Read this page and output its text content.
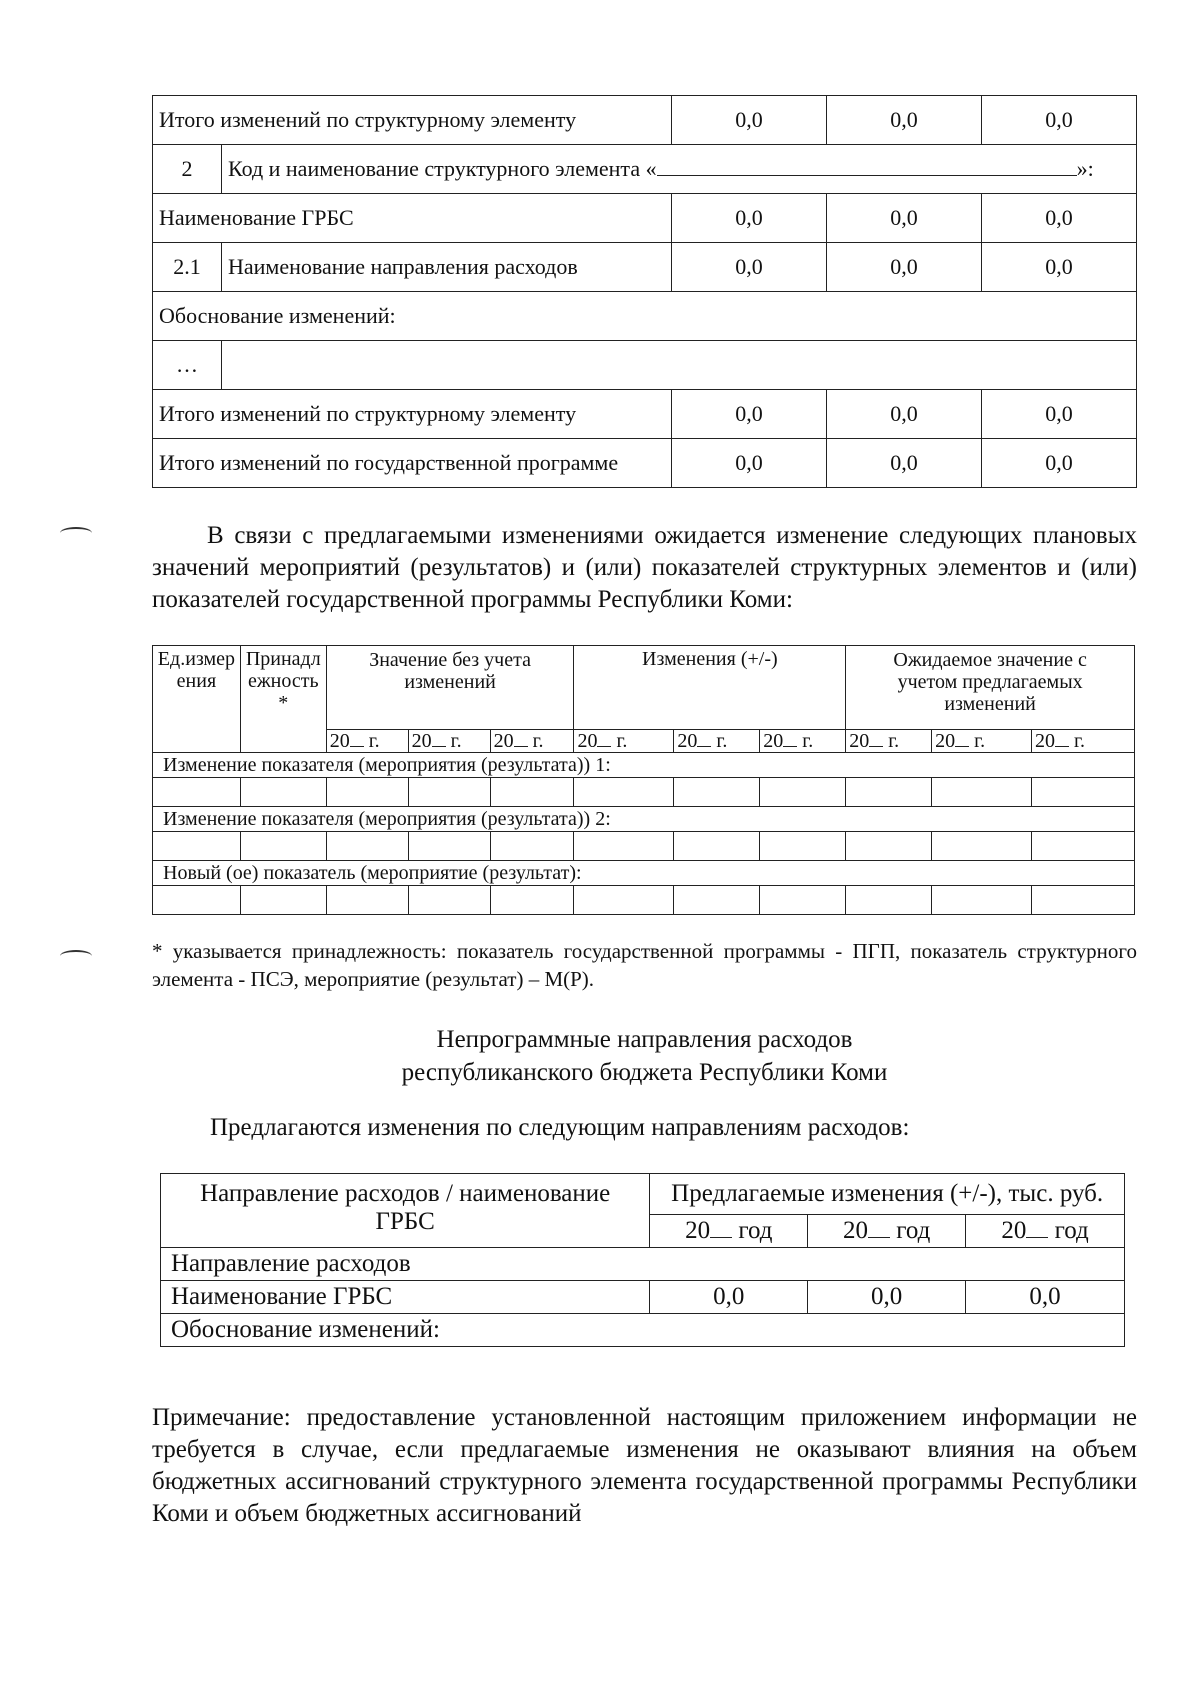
Итого изменений по структурному элементу		0,0	0,0	0,0
2	Код и наименование структурного элемента « »:			
Наименование ГРБС		0,0	0,0	0,0
2.1	Наименование направления расходов	0,0	0,0	0,0
Обоснование изменений:				
…				
Итого изменений по структурному элементу		0,0	0,0	0,0
Итого изменений по государственной программе		0,0	0,0	0,0

В связи с предлагаемыми изменениями ожидается изменение следующих плановых значений мероприятий (результатов) и (или) показателей структурных элементов и (или) показателей государственной программы Республики Коми:

Ед.измерения	Принадлежность *	Значение без учета изменений			Изменения (+/-)			Ожидаемое значение с учетом предлагаемых изменений		
		20 г.	20 г.	20 г.	20 г.	20 г.	20 г.	20 г.	20 г.	20 г.
Изменение показателя (мероприятия (результата)) 1:										

Изменение показателя (мероприятия (результата)) 2:										

Новый (ое) показатель (мероприятие (результат):										

* указывается принадлежность: показатель государственной программы - ПГП, показатель структурного элемента - ПСЭ, мероприятие (результат) – М(Р).

Непрограммные направления расходов
республиканского бюджета Республики Коми

Предлагаются изменения по следующим направлениям расходов:

Направление расходов / наименование ГРБС	Предлагаемые изменения (+/-), тыс. руб.		
	20 год	20 год	20 год
Направление расходов			
Наименование ГРБС	0,0	0,0	0,0
Обоснование изменений:			

Примечание: предоставление установленной настоящим приложением информации не требуется в случае, если предлагаемые изменения не оказывают влияния на объем бюджетных ассигнований структурного элемента государственной программы Республики Коми и объем бюджетных ассигнований
